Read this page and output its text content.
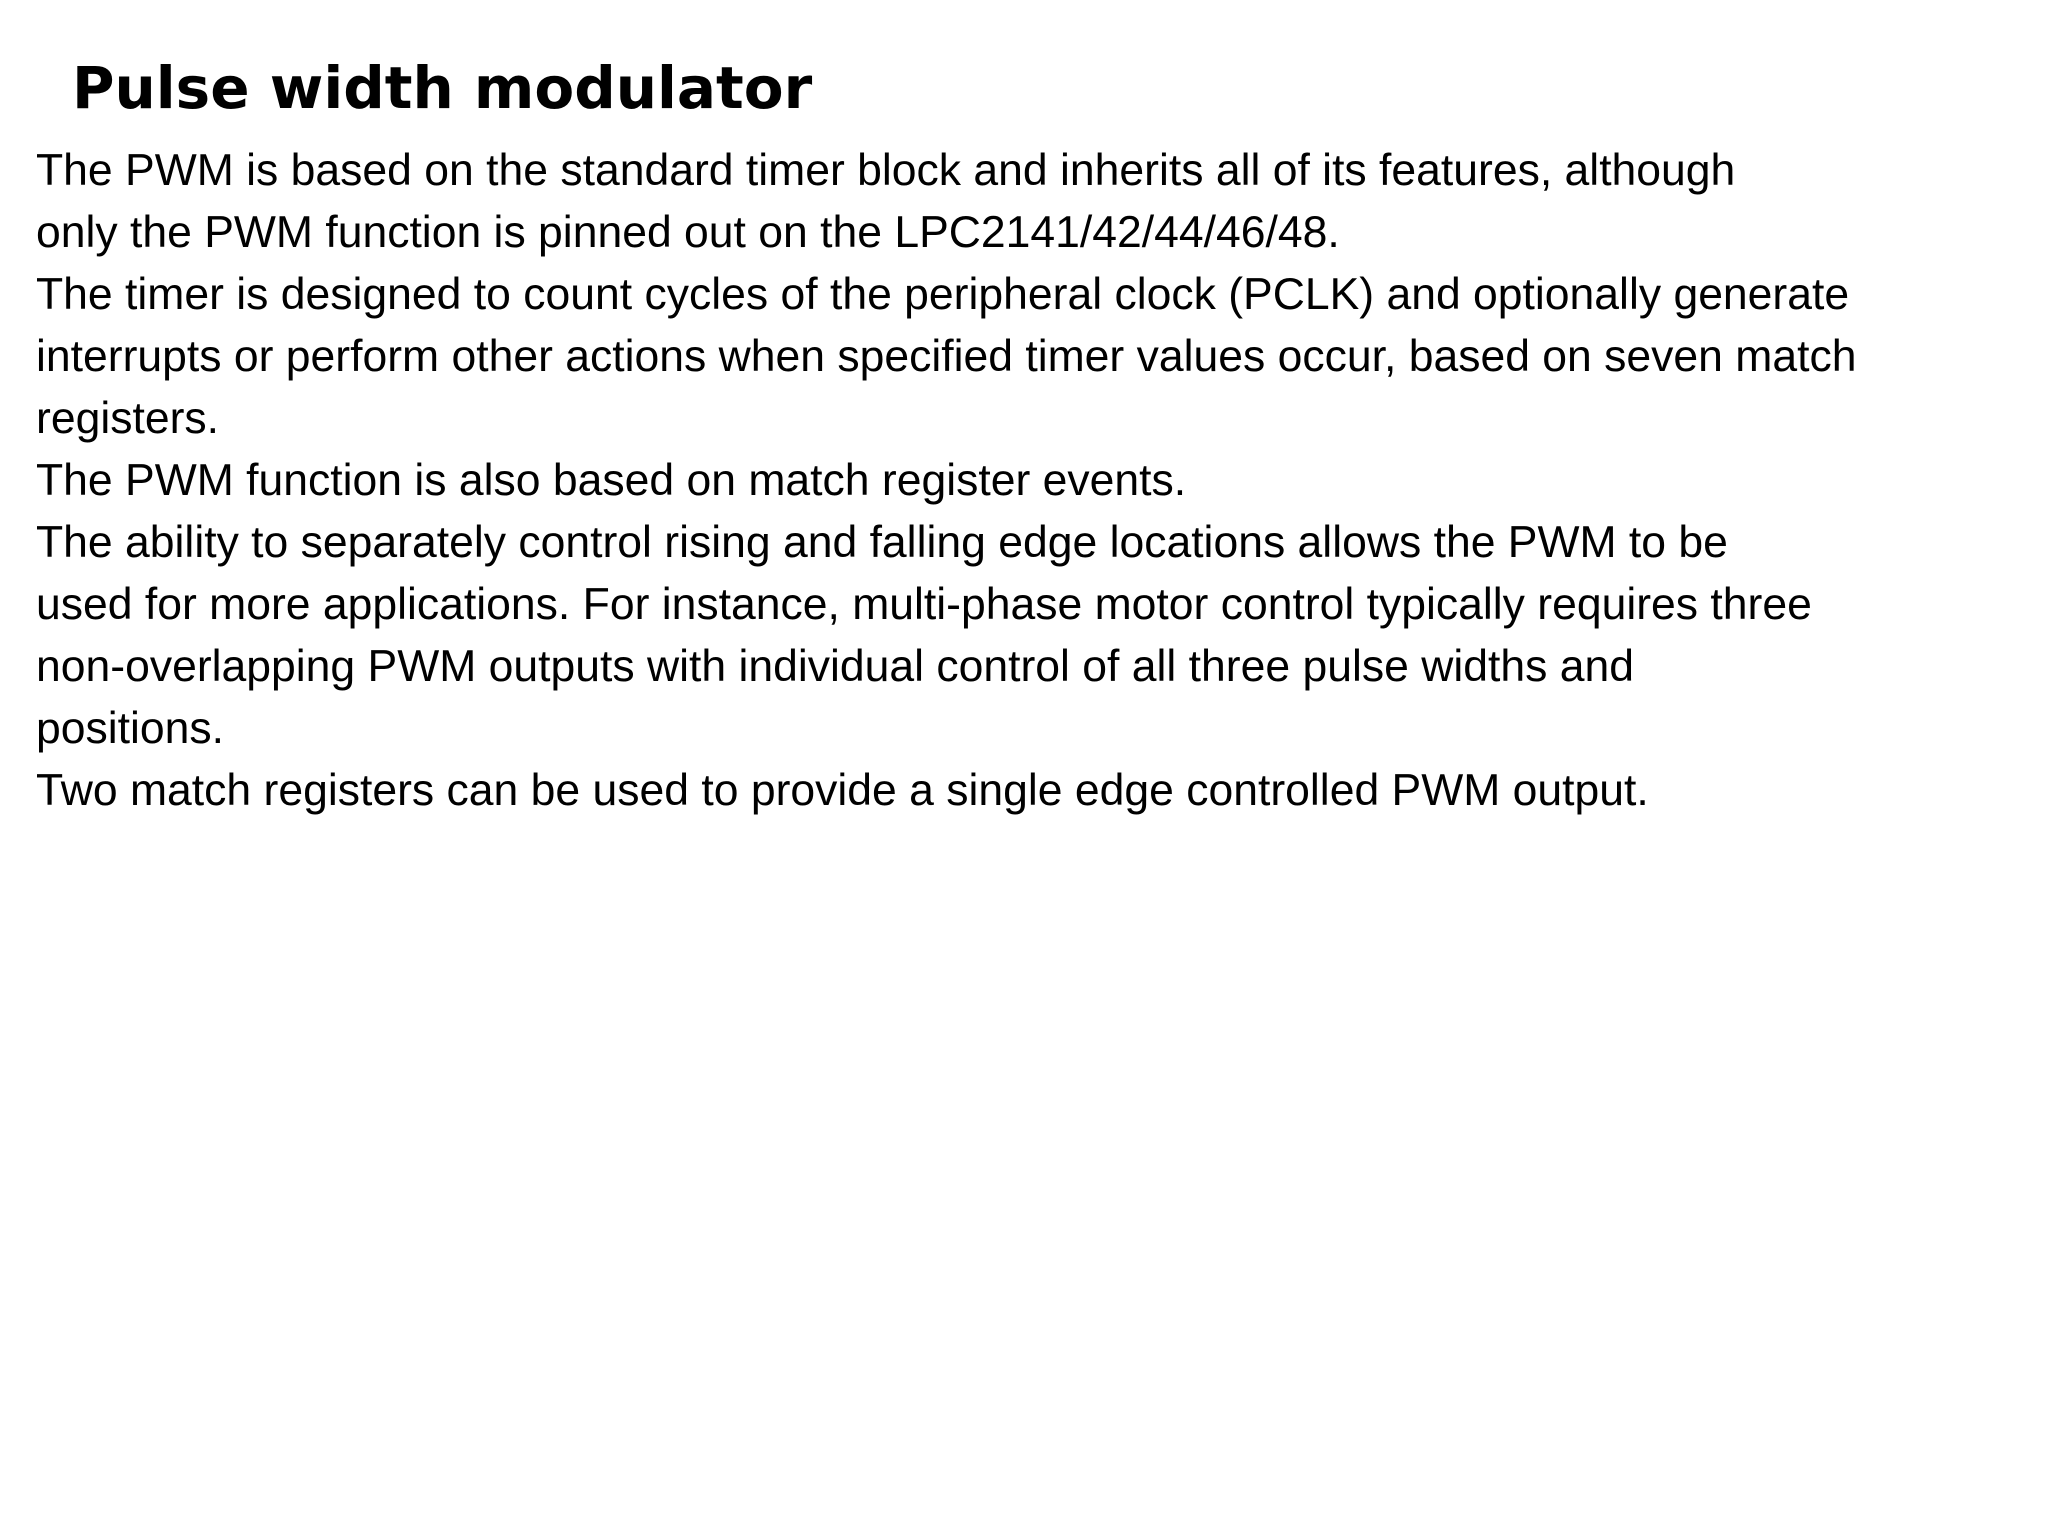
Pulse width modulator
The PWM is based on the standard timer block and inherits all of its features, although
only the PWM function is pinned out on the LPC2141/42/44/46/48.
The timer is designed to count cycles of the peripheral clock (PCLK) and optionally generate
interrupts or perform other actions when specified timer values occur, based on seven match
registers.
The PWM function is also based on match register events.
The ability to separately control rising and falling edge locations allows the PWM to be
used for more applications. For instance, multi-phase motor control typically requires three
non-overlapping PWM outputs with individual control of all three pulse widths and
positions.
Two match registers can be used to provide a single edge controlled PWM output.
